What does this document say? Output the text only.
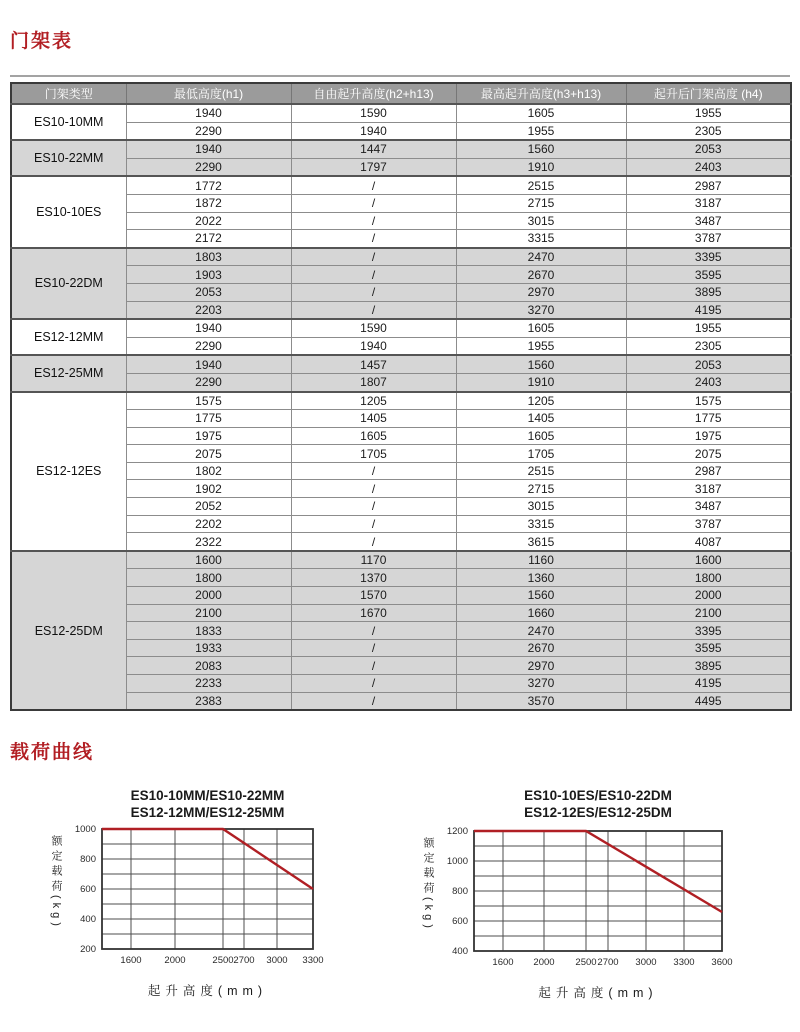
门架表
门架类型	最低高度(h1)	自由起升高度(h2+h13)	最高起升高度(h3+h13)	起升后门架高度 (h4)
ES10-10MM	1940	1590	1605	1955
	2290	1940	1955	2305
ES10-22MM	1940	1447	1560	2053
	2290	1797	1910	2403
ES10-10ES	1772	/	2515	2987
	1872	/	2715	3187
	2022	/	3015	3487
	2172	/	3315	3787
ES10-22DM	1803	/	2470	3395
	1903	/	2670	3595
	2053	/	2970	3895
	2203	/	3270	4195
ES12-12MM	1940	1590	1605	1955
	2290	1940	1955	2305
ES12-25MM	1940	1457	1560	2053
	2290	1807	1910	2403
ES12-12ES	1575	1205	1205	1575
	1775	1405	1405	1775
	1975	1605	1605	1975
	2075	1705	1705	2075
	1802	/	2515	2987
	1902	/	2715	3187
	2052	/	3015	3487
	2202	/	3315	3787
	2322	/	3615	4087
ES12-25DM	1600	1170	1160	1600
	1800	1370	1360	1800
	2000	1570	1560	2000
	2100	1670	1660	2100
	1833	/	2470	3395
	1933	/	2670	3595
	2083	/	2970	3895
	2233	/	3270	4195
	2383	/	3570	4495
载荷曲线
ES10-10MM/ES10-22MM
ES12-12MM/ES12-25MM
额定载荷(kg)
1000
800
600
400
200
1600	2000	2500 2700	3000	3300
起升高度(mm)
ES10-10ES/ES10-22DM
ES12-12ES/ES12-25DM
额定载荷(kg)
1200
1000
800
600
400
1600	2000	2500 2700	3000	3300	3600
起升高度(mm)
